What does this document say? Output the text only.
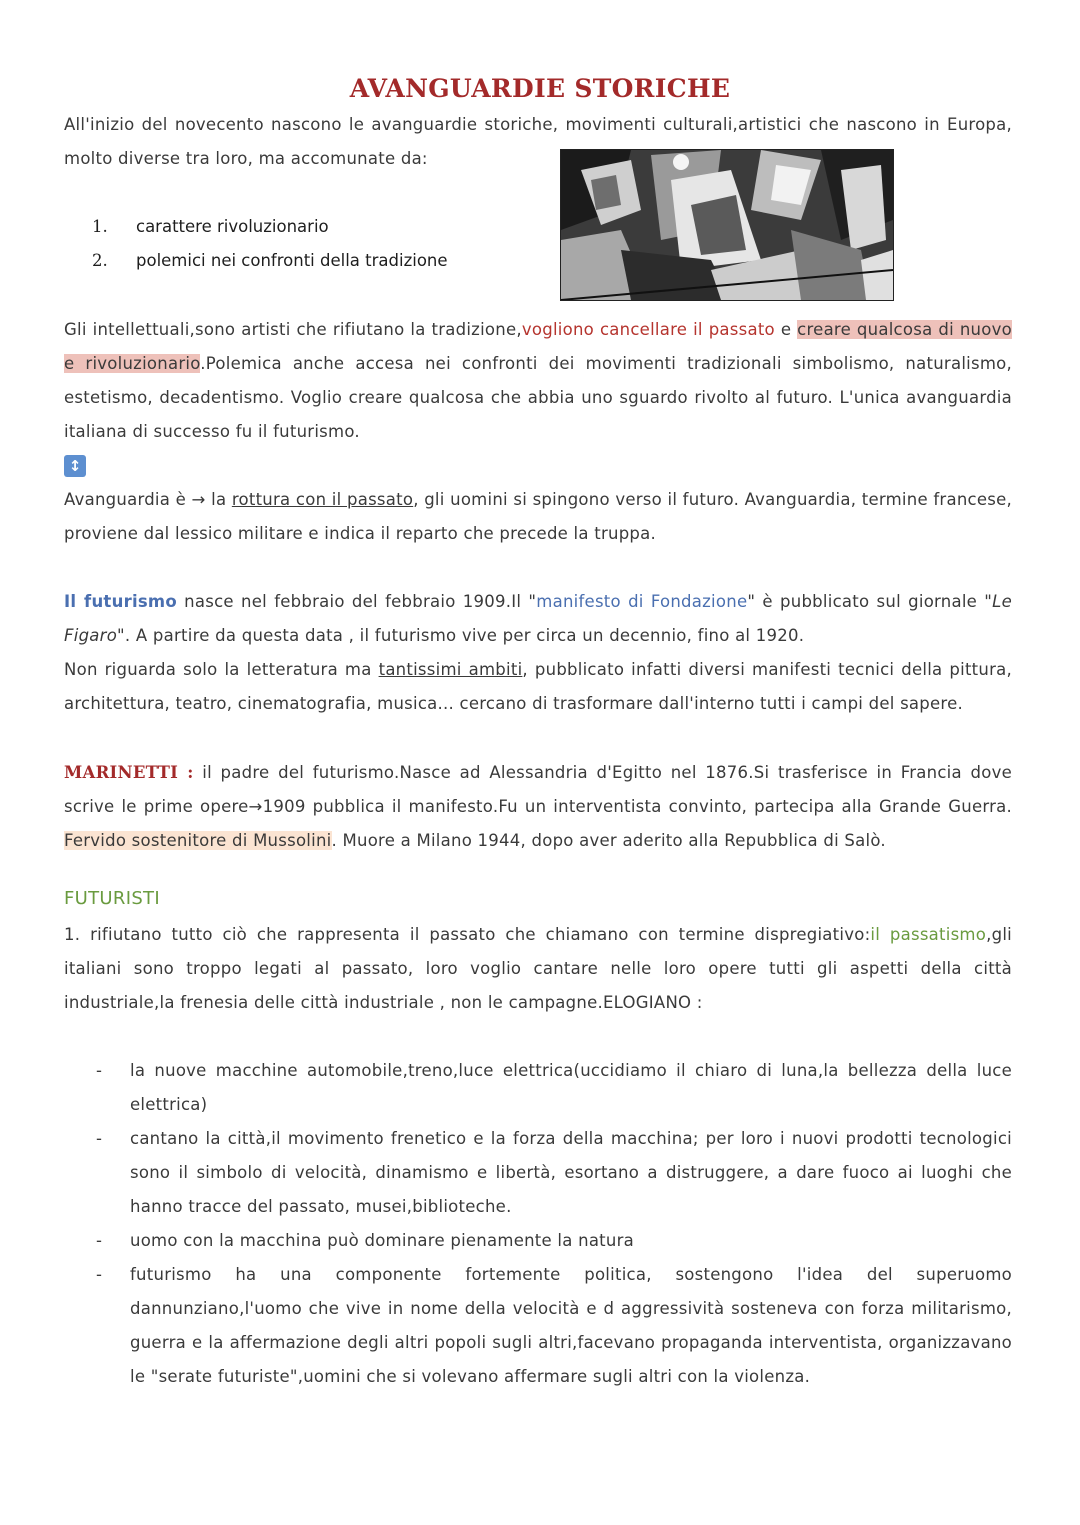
AVANGUARDIE STORICHE
All'inizio del novecento nascono le avanguardie storiche, movimenti culturali,artistici che nascono in Europa, molto diverse tra loro, ma accomunate da:
1. carattere rivoluzionario
2. polemici nei confronti della tradizione
Gli intellettuali,sono artisti che rifiutano la tradizione,vogliono cancellare il passato e creare qualcosa di nuovo e rivoluzionario.Polemica anche accesa nei confronti dei movimenti tradizionali simbolismo, naturalismo, estetismo, decadentismo. Voglio creare qualcosa che abbia uno sguardo rivolto al futuro. L'unica avanguardia italiana di successo fu il futurismo.
↕
Avanguardia è → la rottura con il passato, gli uomini si spingono verso il futuro. Avanguardia, termine francese, proviene dal lessico militare e indica il reparto che precede la truppa.
Il futurismo nasce nel febbraio del febbraio 1909.Il "manifesto di Fondazione" è pubblicato sul giornale "Le Figaro". A partire da questa data , il futurismo vive per circa un decennio, fino al 1920.
Non riguarda solo la letteratura ma tantissimi ambiti, pubblicato infatti diversi manifesti tecnici della pittura, architettura, teatro, cinematografia, musica... cercano di trasformare dall'interno tutti i campi del sapere.
MARINETTI : il padre del futurismo.Nasce ad Alessandria d'Egitto nel 1876.Si trasferisce in Francia dove scrive le prime opere→1909 pubblica il manifesto.Fu un interventista convinto, partecipa alla Grande Guerra. Fervido sostenitore di Mussolini. Muore a Milano 1944, dopo aver aderito alla Repubblica di Salò.
FUTURISTI
1. rifiutano tutto ciò che rappresenta il passato che chiamano con termine dispregiativo:il passatismo,gli italiani sono troppo legati al passato, loro voglio cantare nelle loro opere tutti gli aspetti della città industriale,la frenesia delle città industriale , non le campagne.ELOGIANO :
- la nuove macchine automobile,treno,luce elettrica(uccidiamo il chiaro di luna,la bellezza della luce elettrica)
- cantano la città,il movimento frenetico e la forza della macchina; per loro i nuovi prodotti tecnologici sono il simbolo di velocità, dinamismo e libertà, esortano a distruggere, a dare fuoco ai luoghi che hanno tracce del passato, musei,biblioteche.
- uomo con la macchina può dominare pienamente la natura
- futurismo ha una componente fortemente politica, sostengono l'idea del superuomo dannunziano,l'uomo che vive in nome della velocità e d aggressività sosteneva con forza militarismo, guerra e la affermazione degli altri popoli sugli altri,facevano propaganda interventista, organizzavano le "serate futuriste",uomini che si volevano affermare sugli altri con la violenza.
